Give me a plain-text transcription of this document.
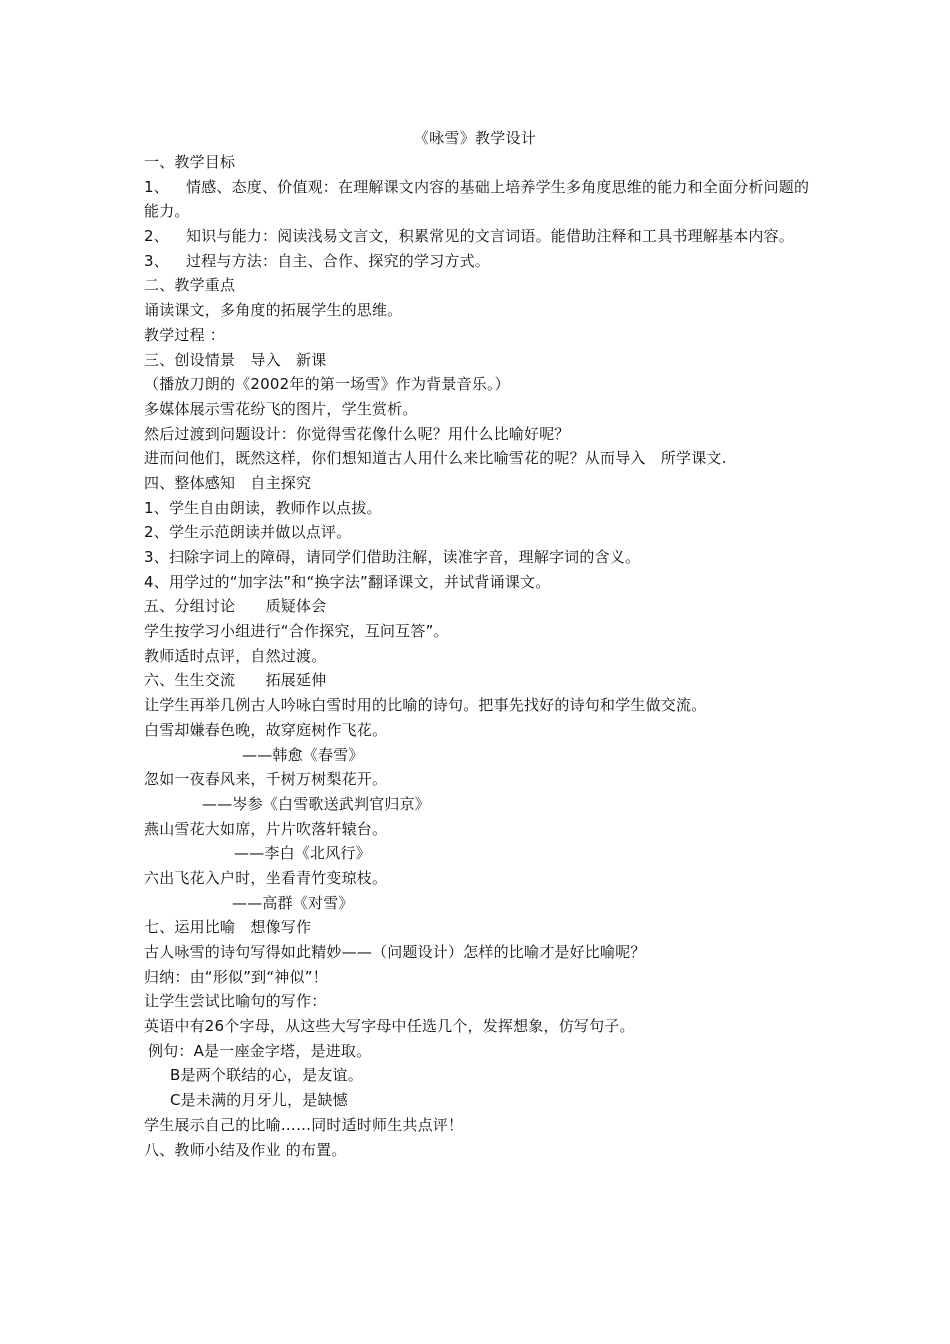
《咏雪》教学设计
一、教学目标
1、 情感、态度、价值观：在理解课文内容的基础上培养学生多角度思维的能力和全面分析问题的能力。
2、 知识与能力：阅读浅易文言文，积累常见的文言词语。能借助注释和工具书理解基本内容。
3、 过程与方法：自主、合作、探究的学习方式。
二、教学重点
诵读课文，多角度的拓展学生的思维。
教学过程 ：
三、创设情景　导入　新课
（播放刀朗的《2002年的第一场雪》作为背景音乐。）
多媒体展示雪花纷飞的图片，学生赏析。
然后过渡到问题设计：你觉得雪花像什么呢？用什么比喻好呢？
进而问他们，既然这样，你们想知道古人用什么来比喻雪花的呢？从而导入　所学课文.
四、整体感知　自主探究
1、学生自由朗读，教师作以点拔。
2、学生示范朗读并做以点评。
3、扫除字词上的障碍，请同学们借助注解，读准字音，理解字词的含义。
4、用学过的“加字法”和“换字法”翻译课文，并试背诵课文。
五、分组讨论　　质疑体会
学生按学习小组进行“合作探究，互问互答”。
教师适时点评，自然过渡。
六、生生交流　　拓展延伸
让学生再举几例古人吟咏白雪时用的比喻的诗句。把事先找好的诗句和学生做交流。
白雪却嫌春色晚，故穿庭树作飞花。
——韩愈《春雪》
忽如一夜春风来，千树万树梨花开。
——岑参《白雪歌送武判官归京》
燕山雪花大如席，片片吹落轩辕台。
——李白《北风行》
六出飞花入户时，坐看青竹变琼枝。
——高群《对雪》
七、运用比喻　想像写作
古人咏雪的诗句写得如此精妙——（问题设计）怎样的比喻才是好比喻呢？
归纳：由“形似”到“神似”！
让学生尝试比喻句的写作：
英语中有26个字母，从这些大写字母中任选几个，发挥想象，仿写句子。
例句：A是一座金字塔，是进取。
B是两个联结的心，是友谊。
C是未满的月牙儿，是缺憾
学生展示自己的比喻……同时适时师生共点评！
八、教师小结及作业 的布置。
